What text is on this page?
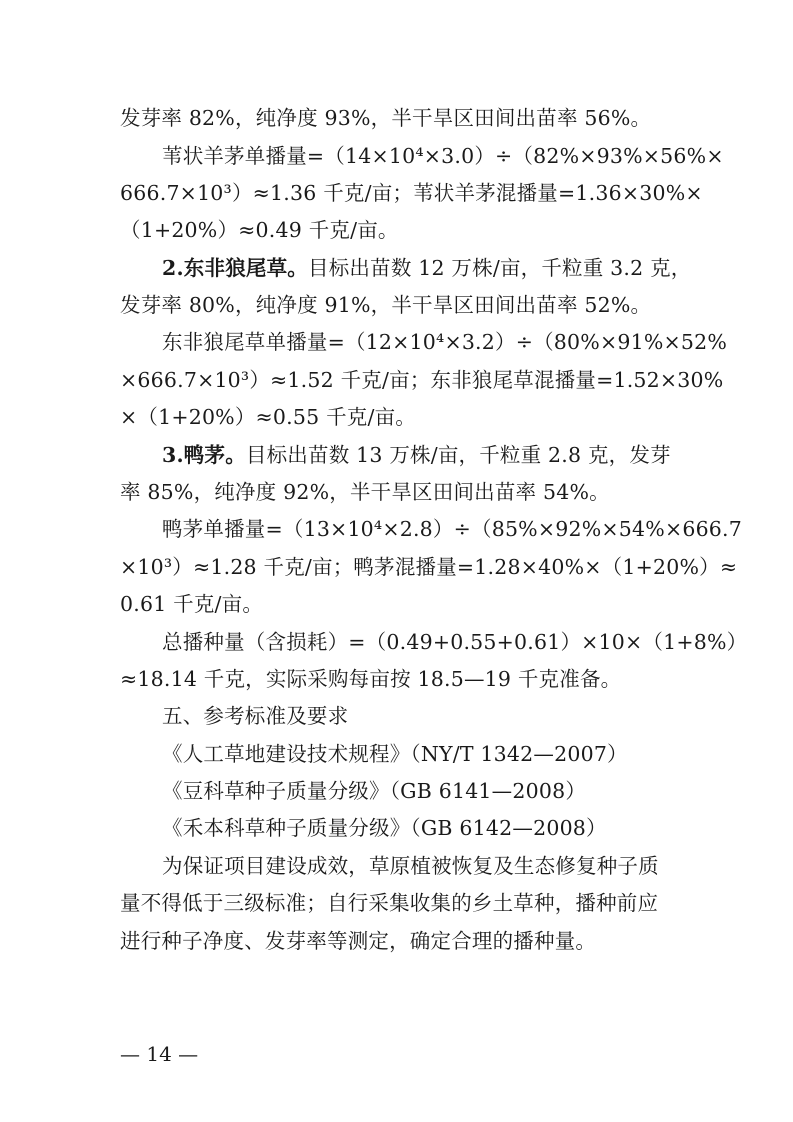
发芽率 82%，纯净度 93%，半干旱区田间出苗率 56%。
苇状羊茅单播量=（14×10⁴×3.0）÷（82%×93%×56%×
666.7×10³）≈1.36 千克/亩；苇状羊茅混播量=1.36×30%×
（1+20%）≈0.49 千克/亩。
2.东非狼尾草。目标出苗数 12 万株/亩，千粒重 3.2 克，
发芽率 80%，纯净度 91%，半干旱区田间出苗率 52%。
东非狼尾草单播量=（12×10⁴×3.2）÷（80%×91%×52%
×666.7×10³）≈1.52 千克/亩；东非狼尾草混播量=1.52×30%
×（1+20%）≈0.55 千克/亩。
3.鸭茅。目标出苗数 13 万株/亩，千粒重 2.8 克，发芽
率 85%，纯净度 92%，半干旱区田间出苗率 54%。
鸭茅单播量=（13×10⁴×2.8）÷（85%×92%×54%×666.7
×10³）≈1.28 千克/亩；鸭茅混播量=1.28×40%×（1+20%）≈
0.61 千克/亩。
总播种量（含损耗）=（0.49+0.55+0.61）×10×（1+8%）
≈18.14 千克，实际采购每亩按 18.5—19 千克准备。
五、参考标准及要求
《人工草地建设技术规程》（NY/T 1342—2007）
《豆科草种子质量分级》（GB 6141—2008）
《禾本科草种子质量分级》（GB 6142—2008）
为保证项目建设成效，草原植被恢复及生态修复种子质
量不得低于三级标准；自行采集收集的乡土草种，播种前应
进行种子净度、发芽率等测定，确定合理的播种量。
— 14 —
